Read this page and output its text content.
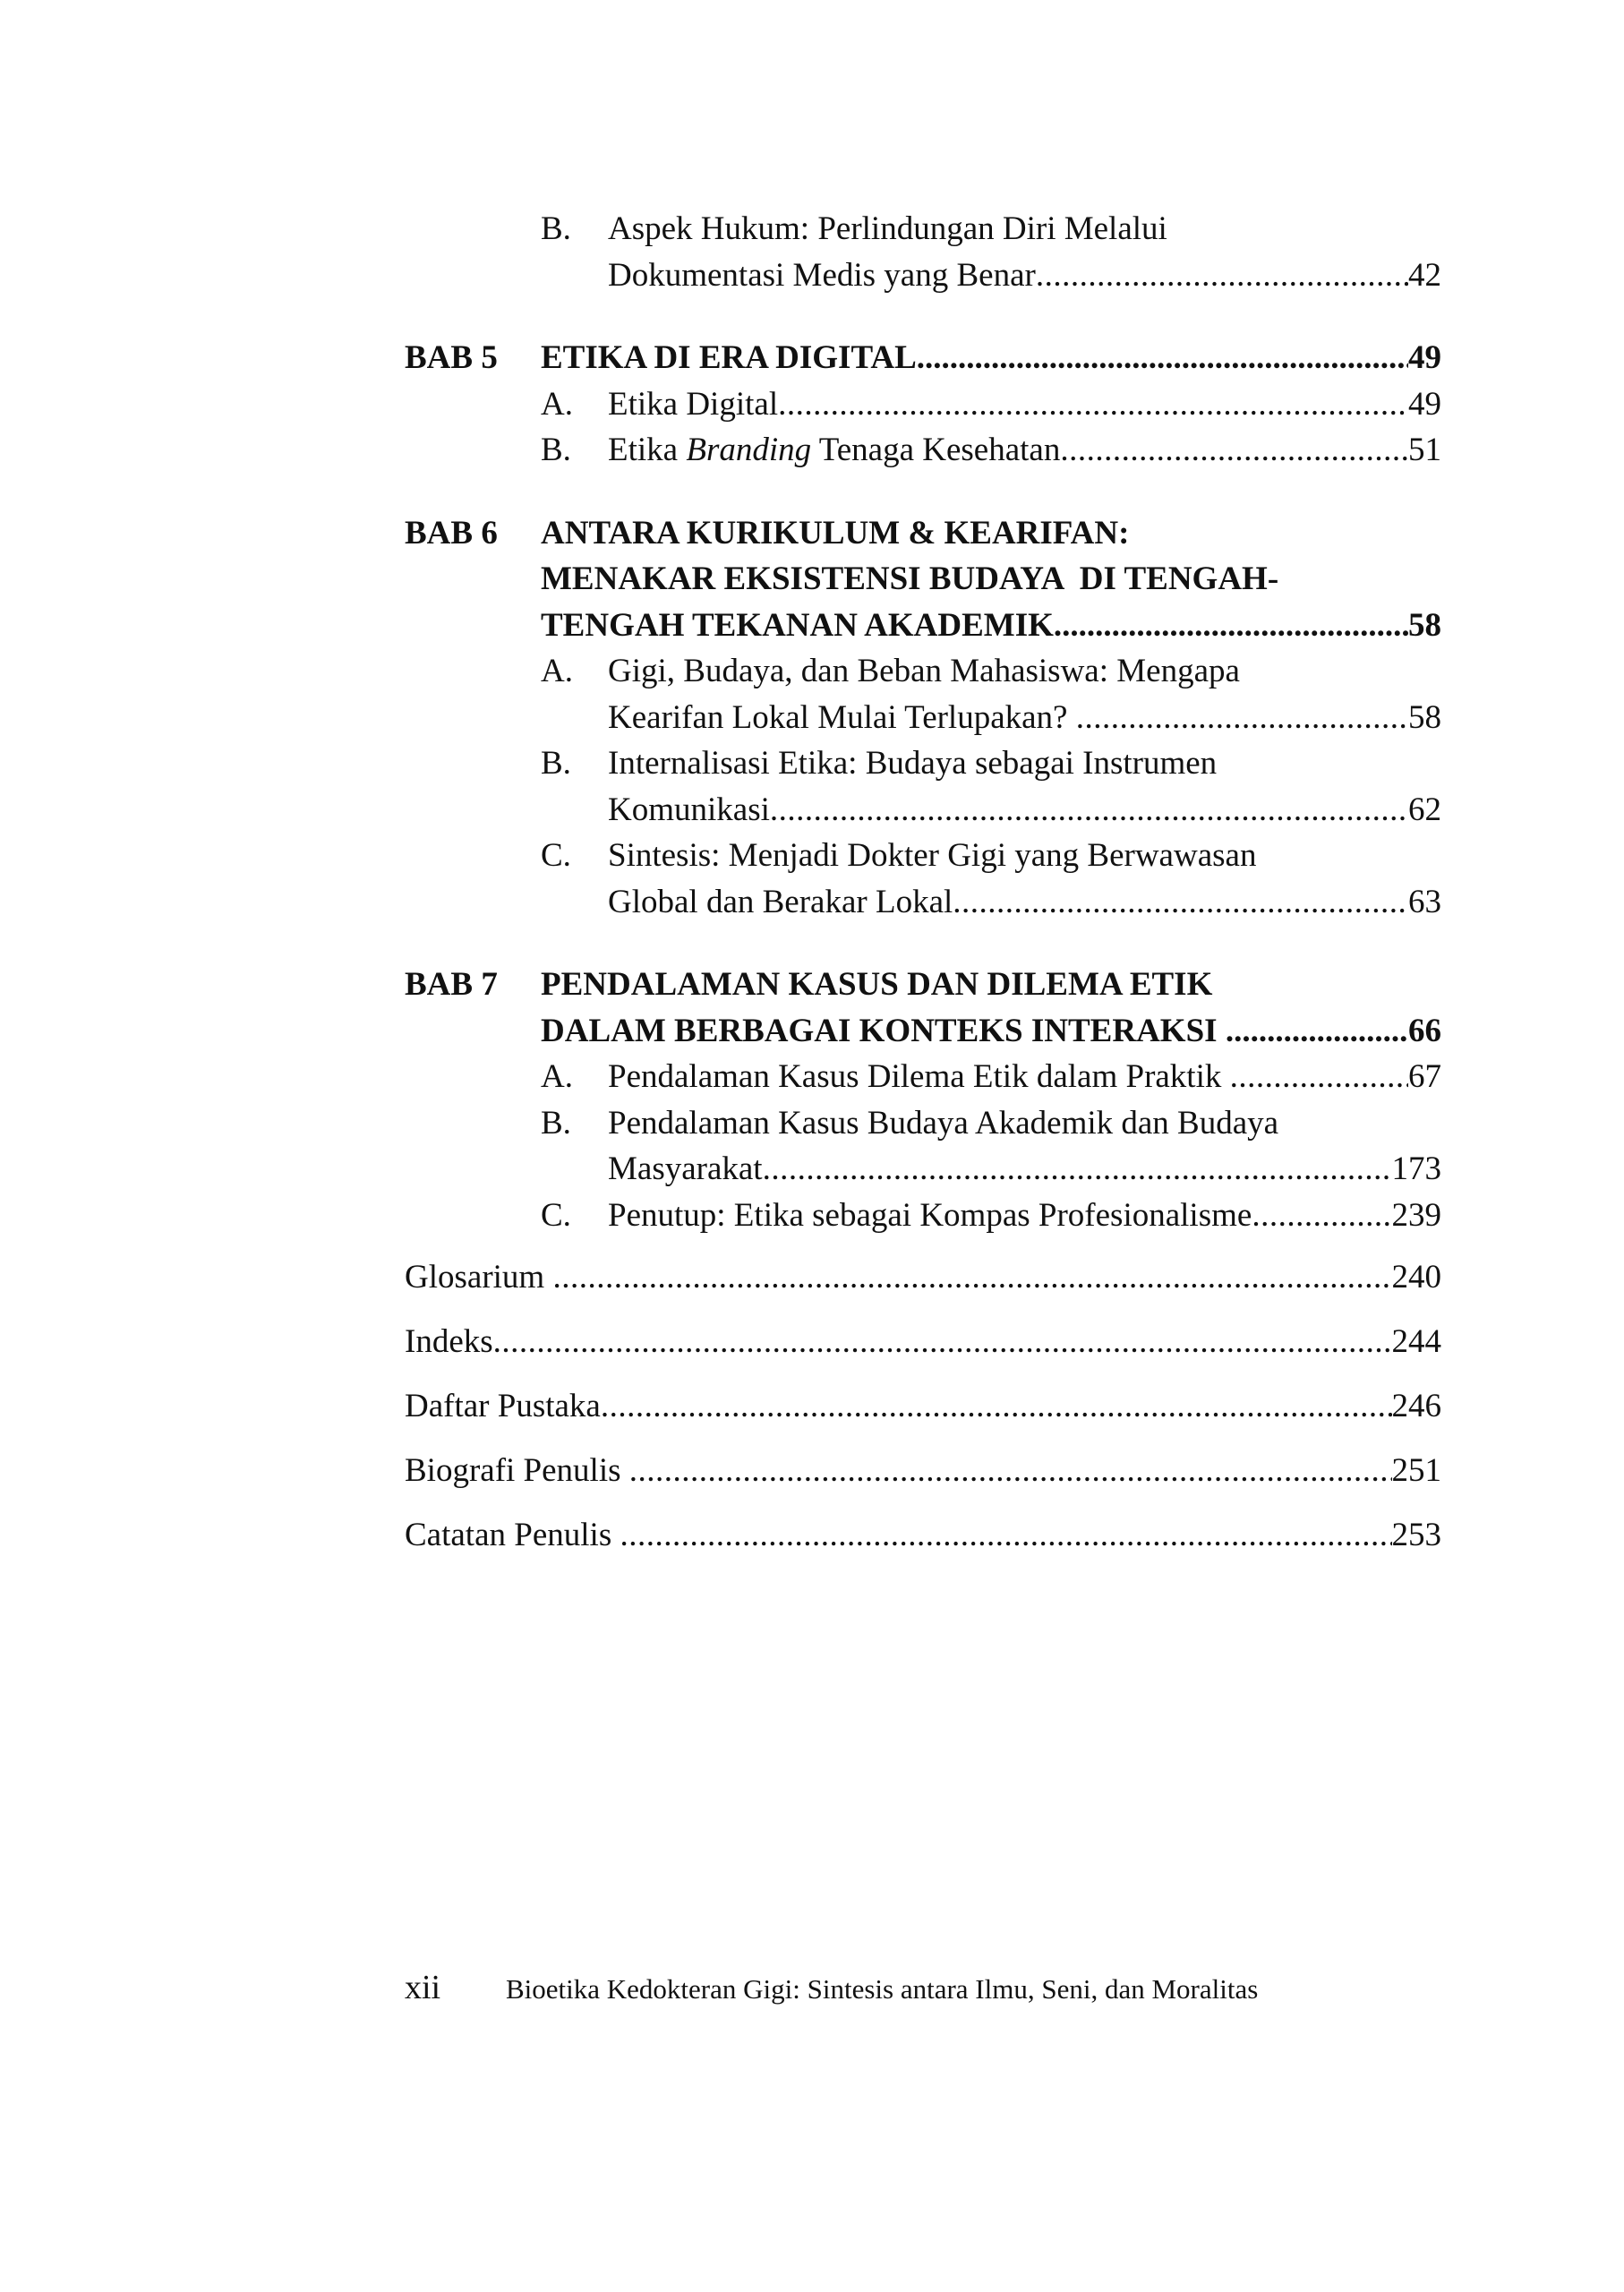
B.	Aspek Hukum: Perlindungan Diri Melalui
Dokumentasi Medis yang Benar .....	42
BAB 5	ETIKA DI ERA DIGITAL .....	49
A.	Etika Digital .....	49
B.	Etika Branding Tenaga Kesehatan .....	51
BAB 6	ANTARA KURIKULUM & KEARIFAN:
MENAKAR EKSISTENSI BUDAYA  DI TENGAH-
TENGAH TEKANAN AKADEMIK .....	58
A.	Gigi, Budaya, dan Beban Mahasiswa: Mengapa
Kearifan Lokal Mulai Terlupakan? .....	58
B.	Internalisasi Etika: Budaya sebagai Instrumen
Komunikasi .....	62
C.	Sintesis: Menjadi Dokter Gigi yang Berwawasan
Global dan Berakar Lokal .....	63
BAB 7	PENDALAMAN KASUS DAN DILEMA ETIK
DALAM BERBAGAI KONTEKS INTERAKSI .....	66
A.	Pendalaman Kasus Dilema Etik dalam Praktik .....	67
B.	Pendalaman Kasus Budaya Akademik dan Budaya
Masyarakat .....	173
C.	Penutup: Etika sebagai Kompas Profesionalisme .....	239
Glosarium .....	240
Indeks .....	244
Daftar Pustaka .....	246
Biografi Penulis .....	251
Catatan Penulis .....	253
xii	Bioetika Kedokteran Gigi: Sintesis antara Ilmu, Seni, dan Moralitas
